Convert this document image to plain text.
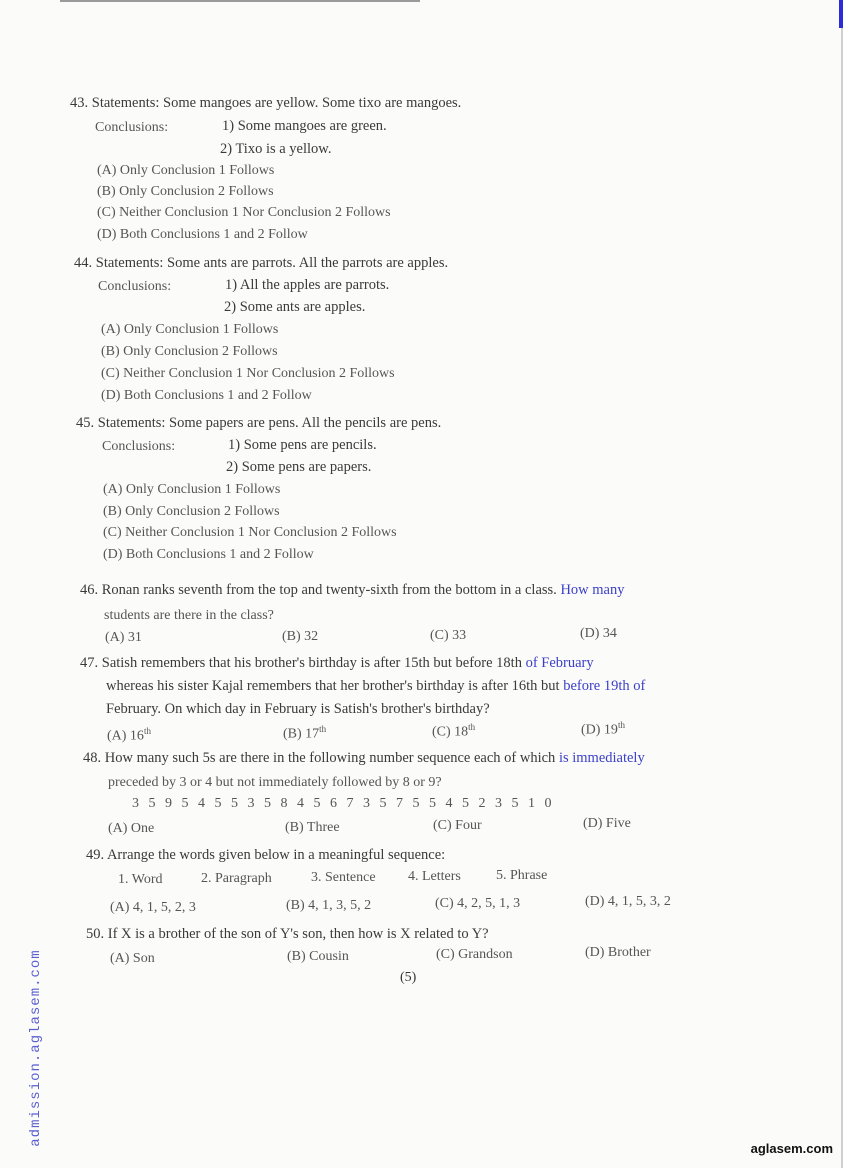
43. Statements: Some mangoes are yellow. Some tixo are mangoes.
Conclusions:	1) Some mangoes are green.
2) Tixo is a yellow.
(A) Only Conclusion 1 Follows
(B) Only Conclusion 2 Follows
(C) Neither Conclusion 1 Nor Conclusion 2 Follows
(D) Both Conclusions 1 and 2 Follow
44. Statements: Some ants are parrots. All the parrots are apples.
Conclusions:	1) All the apples are parrots.
2) Some ants are apples.
(A) Only Conclusion 1 Follows
(B) Only Conclusion 2 Follows
(C) Neither Conclusion 1 Nor Conclusion 2 Follows
(D) Both Conclusions 1 and 2 Follow
45. Statements: Some papers are pens. All the pencils are pens.
Conclusions:	1) Some pens are pencils.
2) Some pens are papers.
(A) Only Conclusion 1 Follows
(B) Only Conclusion 2 Follows
(C) Neither Conclusion 1 Nor Conclusion 2 Follows
(D) Both Conclusions 1 and 2 Follow
46. Ronan ranks seventh from the top and twenty-sixth from the bottom in a class. How many
students are there in the class?
(A) 31	(B) 32	(C) 33	(D) 34
47. Satish remembers that his brother's birthday is after 15th but before 18th of February
whereas his sister Kajal remembers that her brother's birthday is after 16th but before 19th of
February. On which day in February is Satish's brother's birthday?
(A) 16th	(B) 17th	(C) 18th	(D) 19th
48. How many such 5s are there in the following number sequence each of which is immediately
preceded by 3 or 4 but not immediately followed by 8 or 9?
3 5 9 5 4 5 5 3 5 8 4 5 6 7 3 5 7 5 5 4 5 2 3 5 1 0
(A) One	(B) Three	(C) Four	(D) Five
49. Arrange the words given below in a meaningful sequence:
1. Word	2. Paragraph	3. Sentence 4. Letters	5. Phrase
(A) 4, 1, 5, 2, 3	(B) 4, 1, 3, 5, 2	(C) 4, 2, 5, 1, 3	(D) 4, 1, 5, 3, 2
50. If X is a brother of the son of Y's son, then how is X related to Y?
(A) Son	(B) Cousin	(C) Grandson	(D) Brother
(5)
admission.aglasem.com
aglasem.com
